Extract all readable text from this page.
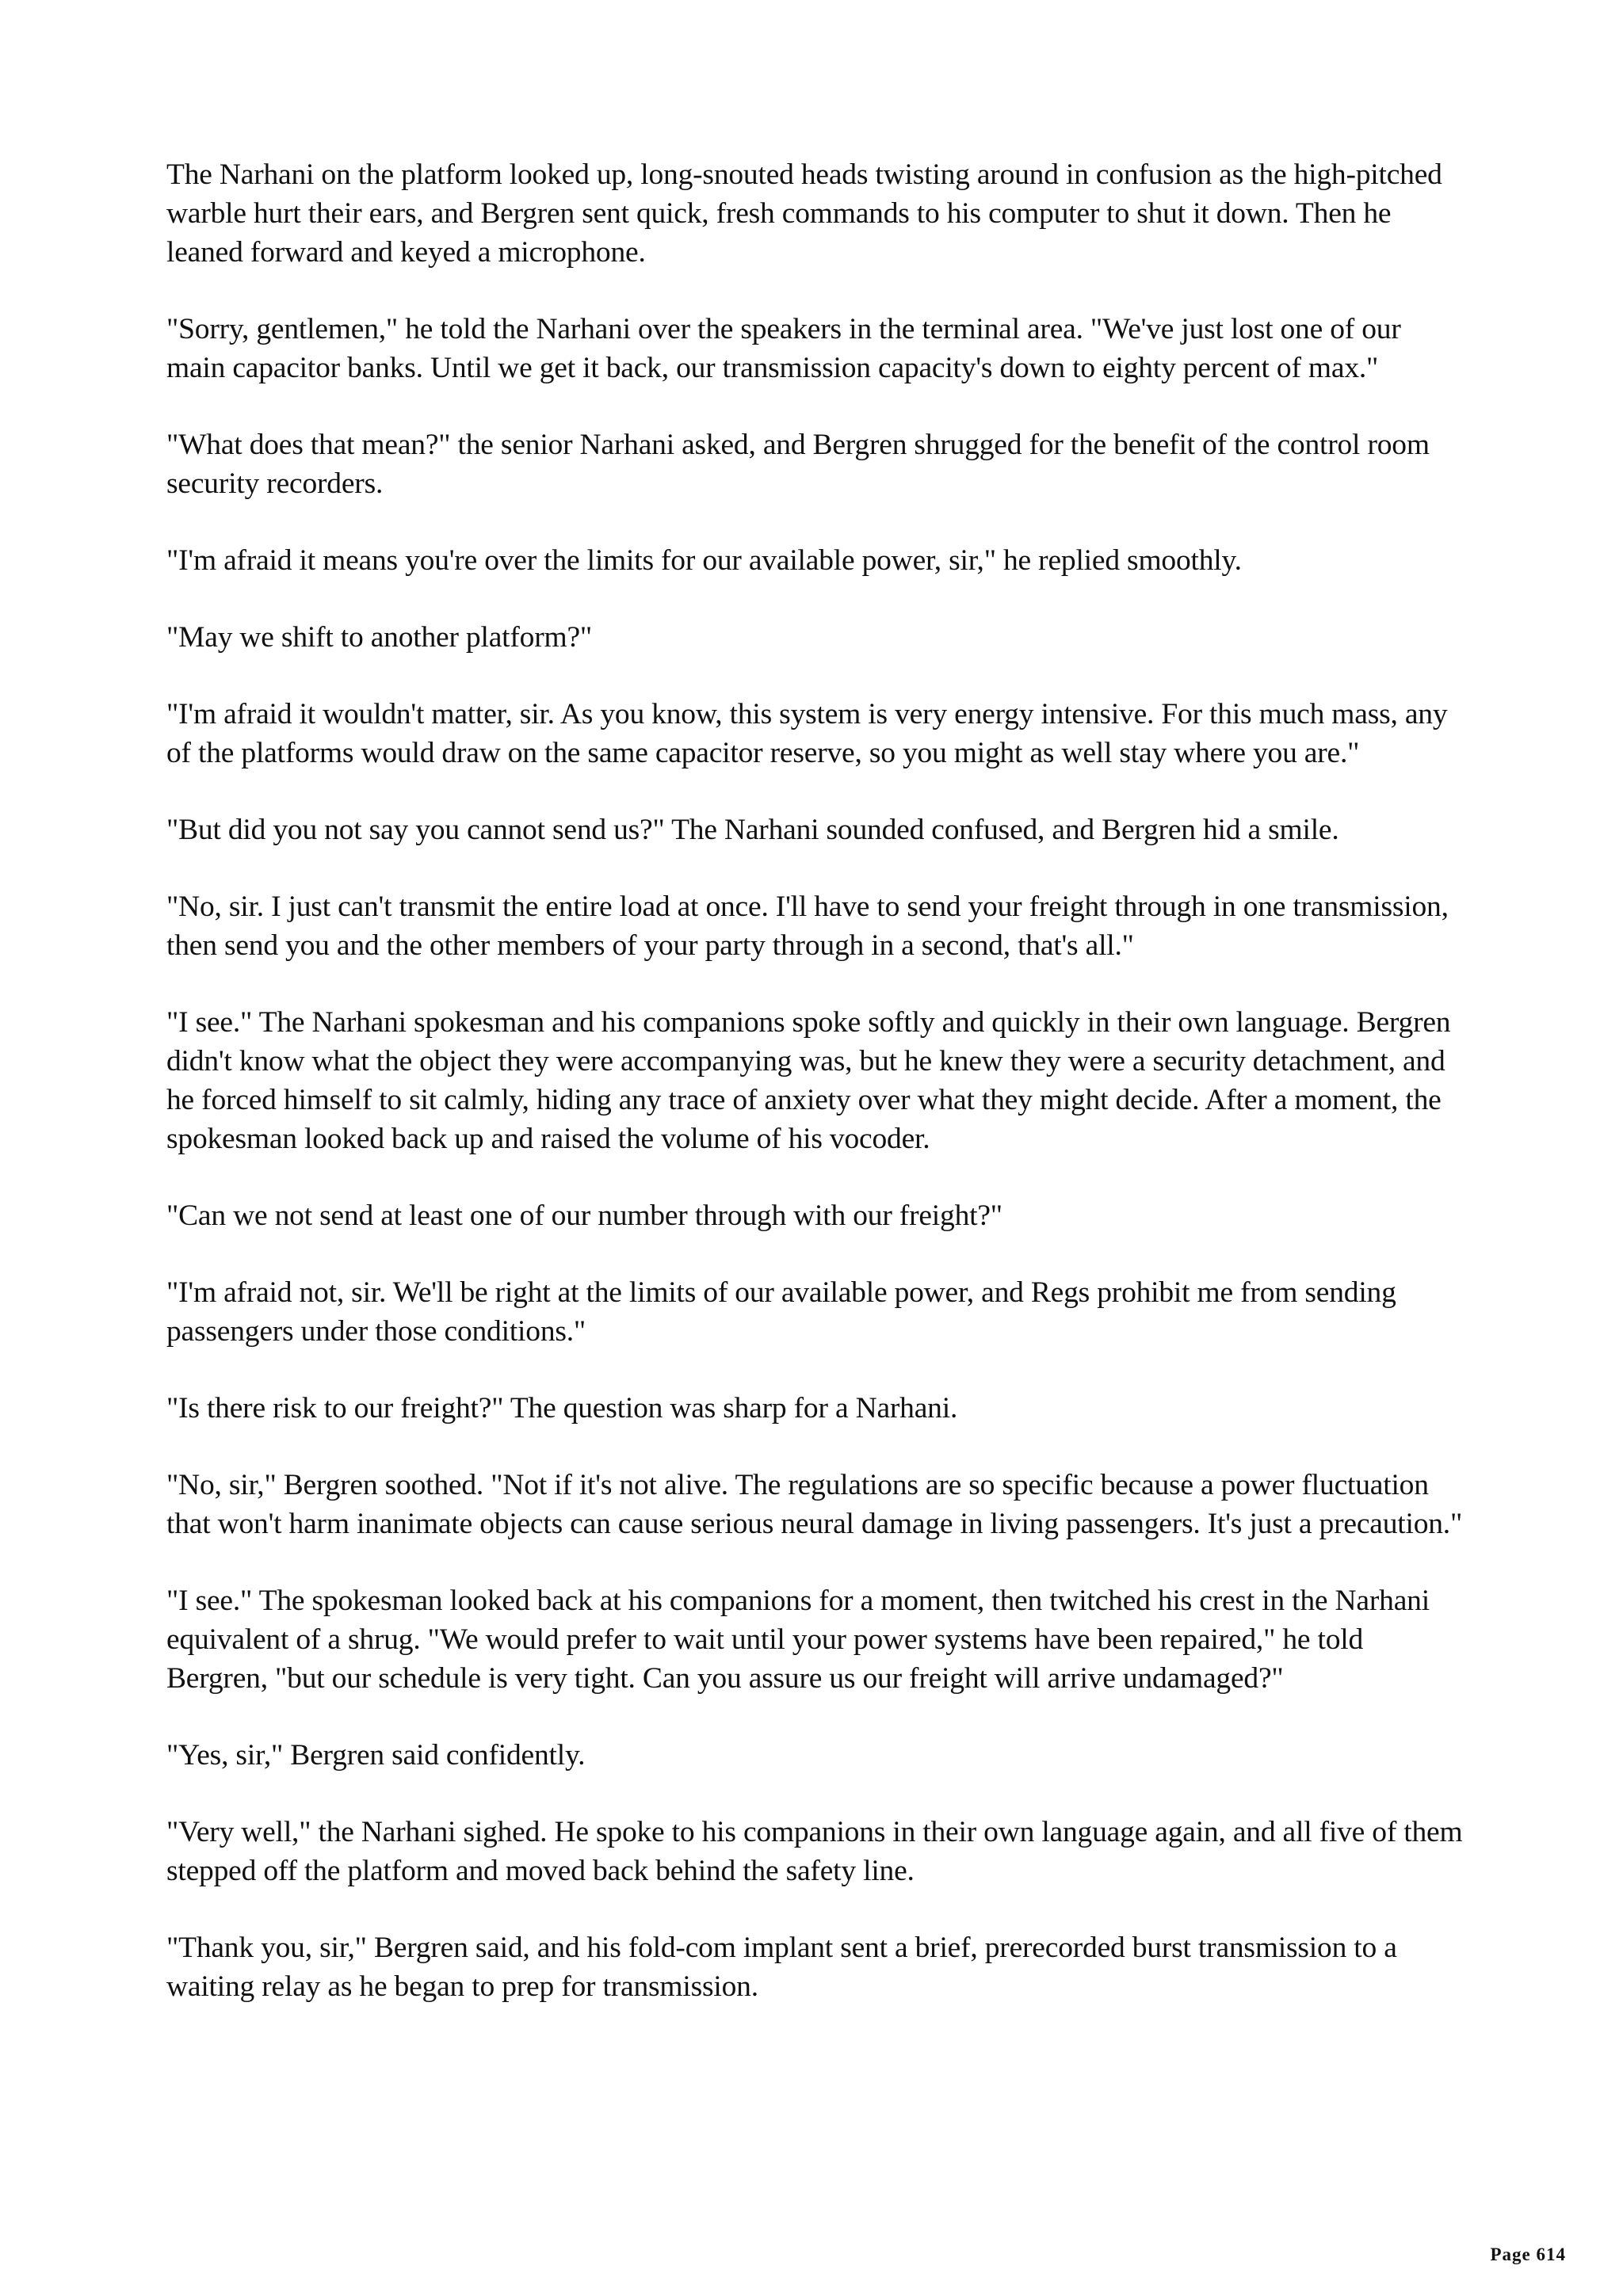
The Narhani on the platform looked up, long-snouted heads twisting around in confusion as the high-pitched warble hurt their ears, and Bergren sent quick, fresh commands to his computer to shut it down. Then he leaned forward and keyed a microphone.

"Sorry, gentlemen," he told the Narhani over the speakers in the terminal area. "We've just lost one of our main capacitor banks. Until we get it back, our transmission capacity's down to eighty percent of max."

"What does that mean?" the senior Narhani asked, and Bergren shrugged for the benefit of the control room security recorders.

"I'm afraid it means you're over the limits for our available power, sir," he replied smoothly.

"May we shift to another platform?"

"I'm afraid it wouldn't matter, sir. As you know, this system is very energy intensive. For this much mass, any of the platforms would draw on the same capacitor reserve, so you might as well stay where you are."

"But did you not say you cannot send us?" The Narhani sounded confused, and Bergren hid a smile.

"No, sir. I just can't transmit the entire load at once. I'll have to send your freight through in one transmission, then send you and the other members of your party through in a second, that's all."

"I see." The Narhani spokesman and his companions spoke softly and quickly in their own language. Bergren didn't know what the object they were accompanying was, but he knew they were a security detachment, and he forced himself to sit calmly, hiding any trace of anxiety over what they might decide. After a moment, the spokesman looked back up and raised the volume of his vocoder.

"Can we not send at least one of our number through with our freight?"

"I'm afraid not, sir. We'll be right at the limits of our available power, and Regs prohibit me from sending passengers under those conditions."

"Is there risk to our freight?" The question was sharp for a Narhani.

"No, sir," Bergren soothed. "Not if it's not alive. The regulations are so specific because a power fluctuation that won't harm inanimate objects can cause serious neural damage in living passengers. It's just a precaution."

"I see." The spokesman looked back at his companions for a moment, then twitched his crest in the Narhani equivalent of a shrug. "We would prefer to wait until your power systems have been repaired," he told Bergren, "but our schedule is very tight. Can you assure us our freight will arrive undamaged?"

"Yes, sir," Bergren said confidently.

"Very well," the Narhani sighed. He spoke to his companions in their own language again, and all five of them stepped off the platform and moved back behind the safety line.

"Thank you, sir," Bergren said, and his fold-com implant sent a brief, prerecorded burst transmission to a waiting relay as he began to prep for transmission.

Page 614
